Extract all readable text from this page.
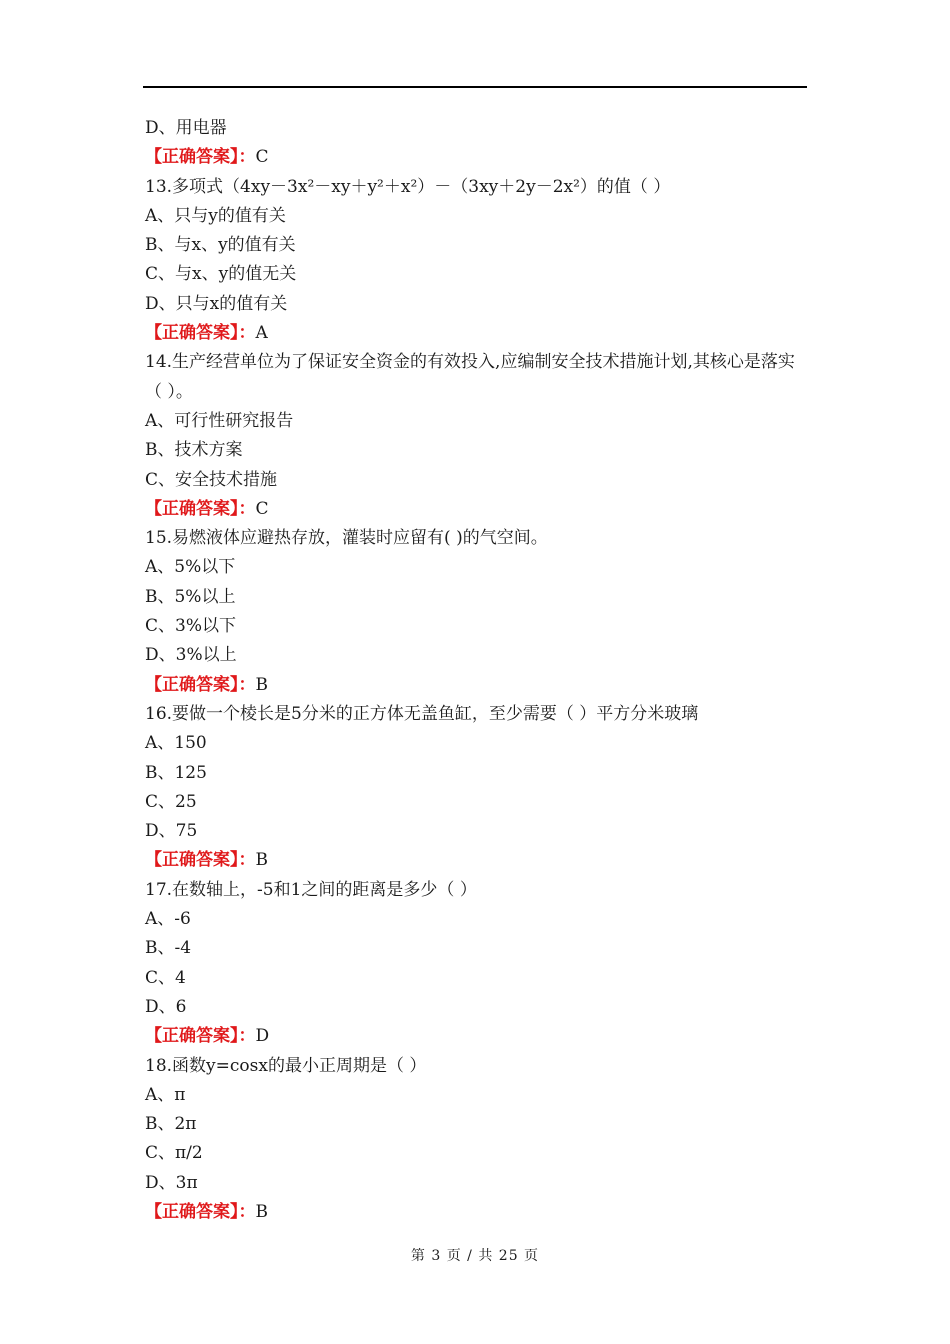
D、用电器
【正确答案】：C
13.多项式（4xy－3x²－xy＋y²＋x²）－（3xy＋2y－2x²）的值（ ）
A、只与y的值有关
B、与x、y的值有关
C、与x、y的值无关
D、只与x的值有关
【正确答案】：A
14.生产经营单位为了保证安全资金的有效投入,应编制安全技术措施计划,其核心是落实（ ）。
A、可行性研究报告
B、技术方案
C、安全技术措施
【正确答案】：C
15.易燃液体应避热存放，灌装时应留有( )的气空间。
A、5%以下
B、5%以上
C、3%以下
D、3%以上
【正确答案】：B
16.要做一个棱长是5分米的正方体无盖鱼缸，至少需要（ ）平方分米玻璃
A、150
B、125
C、25
D、75
【正确答案】：B
17.在数轴上，-5和1之间的距离是多少（ ）
A、-6
B、-4
C、4
D、6
【正确答案】：D
18.函数y=cosx的最小正周期是（ ）
A、π
B、2π
C、π/2
D、3π
【正确答案】：B
第 3 页 / 共 25 页
